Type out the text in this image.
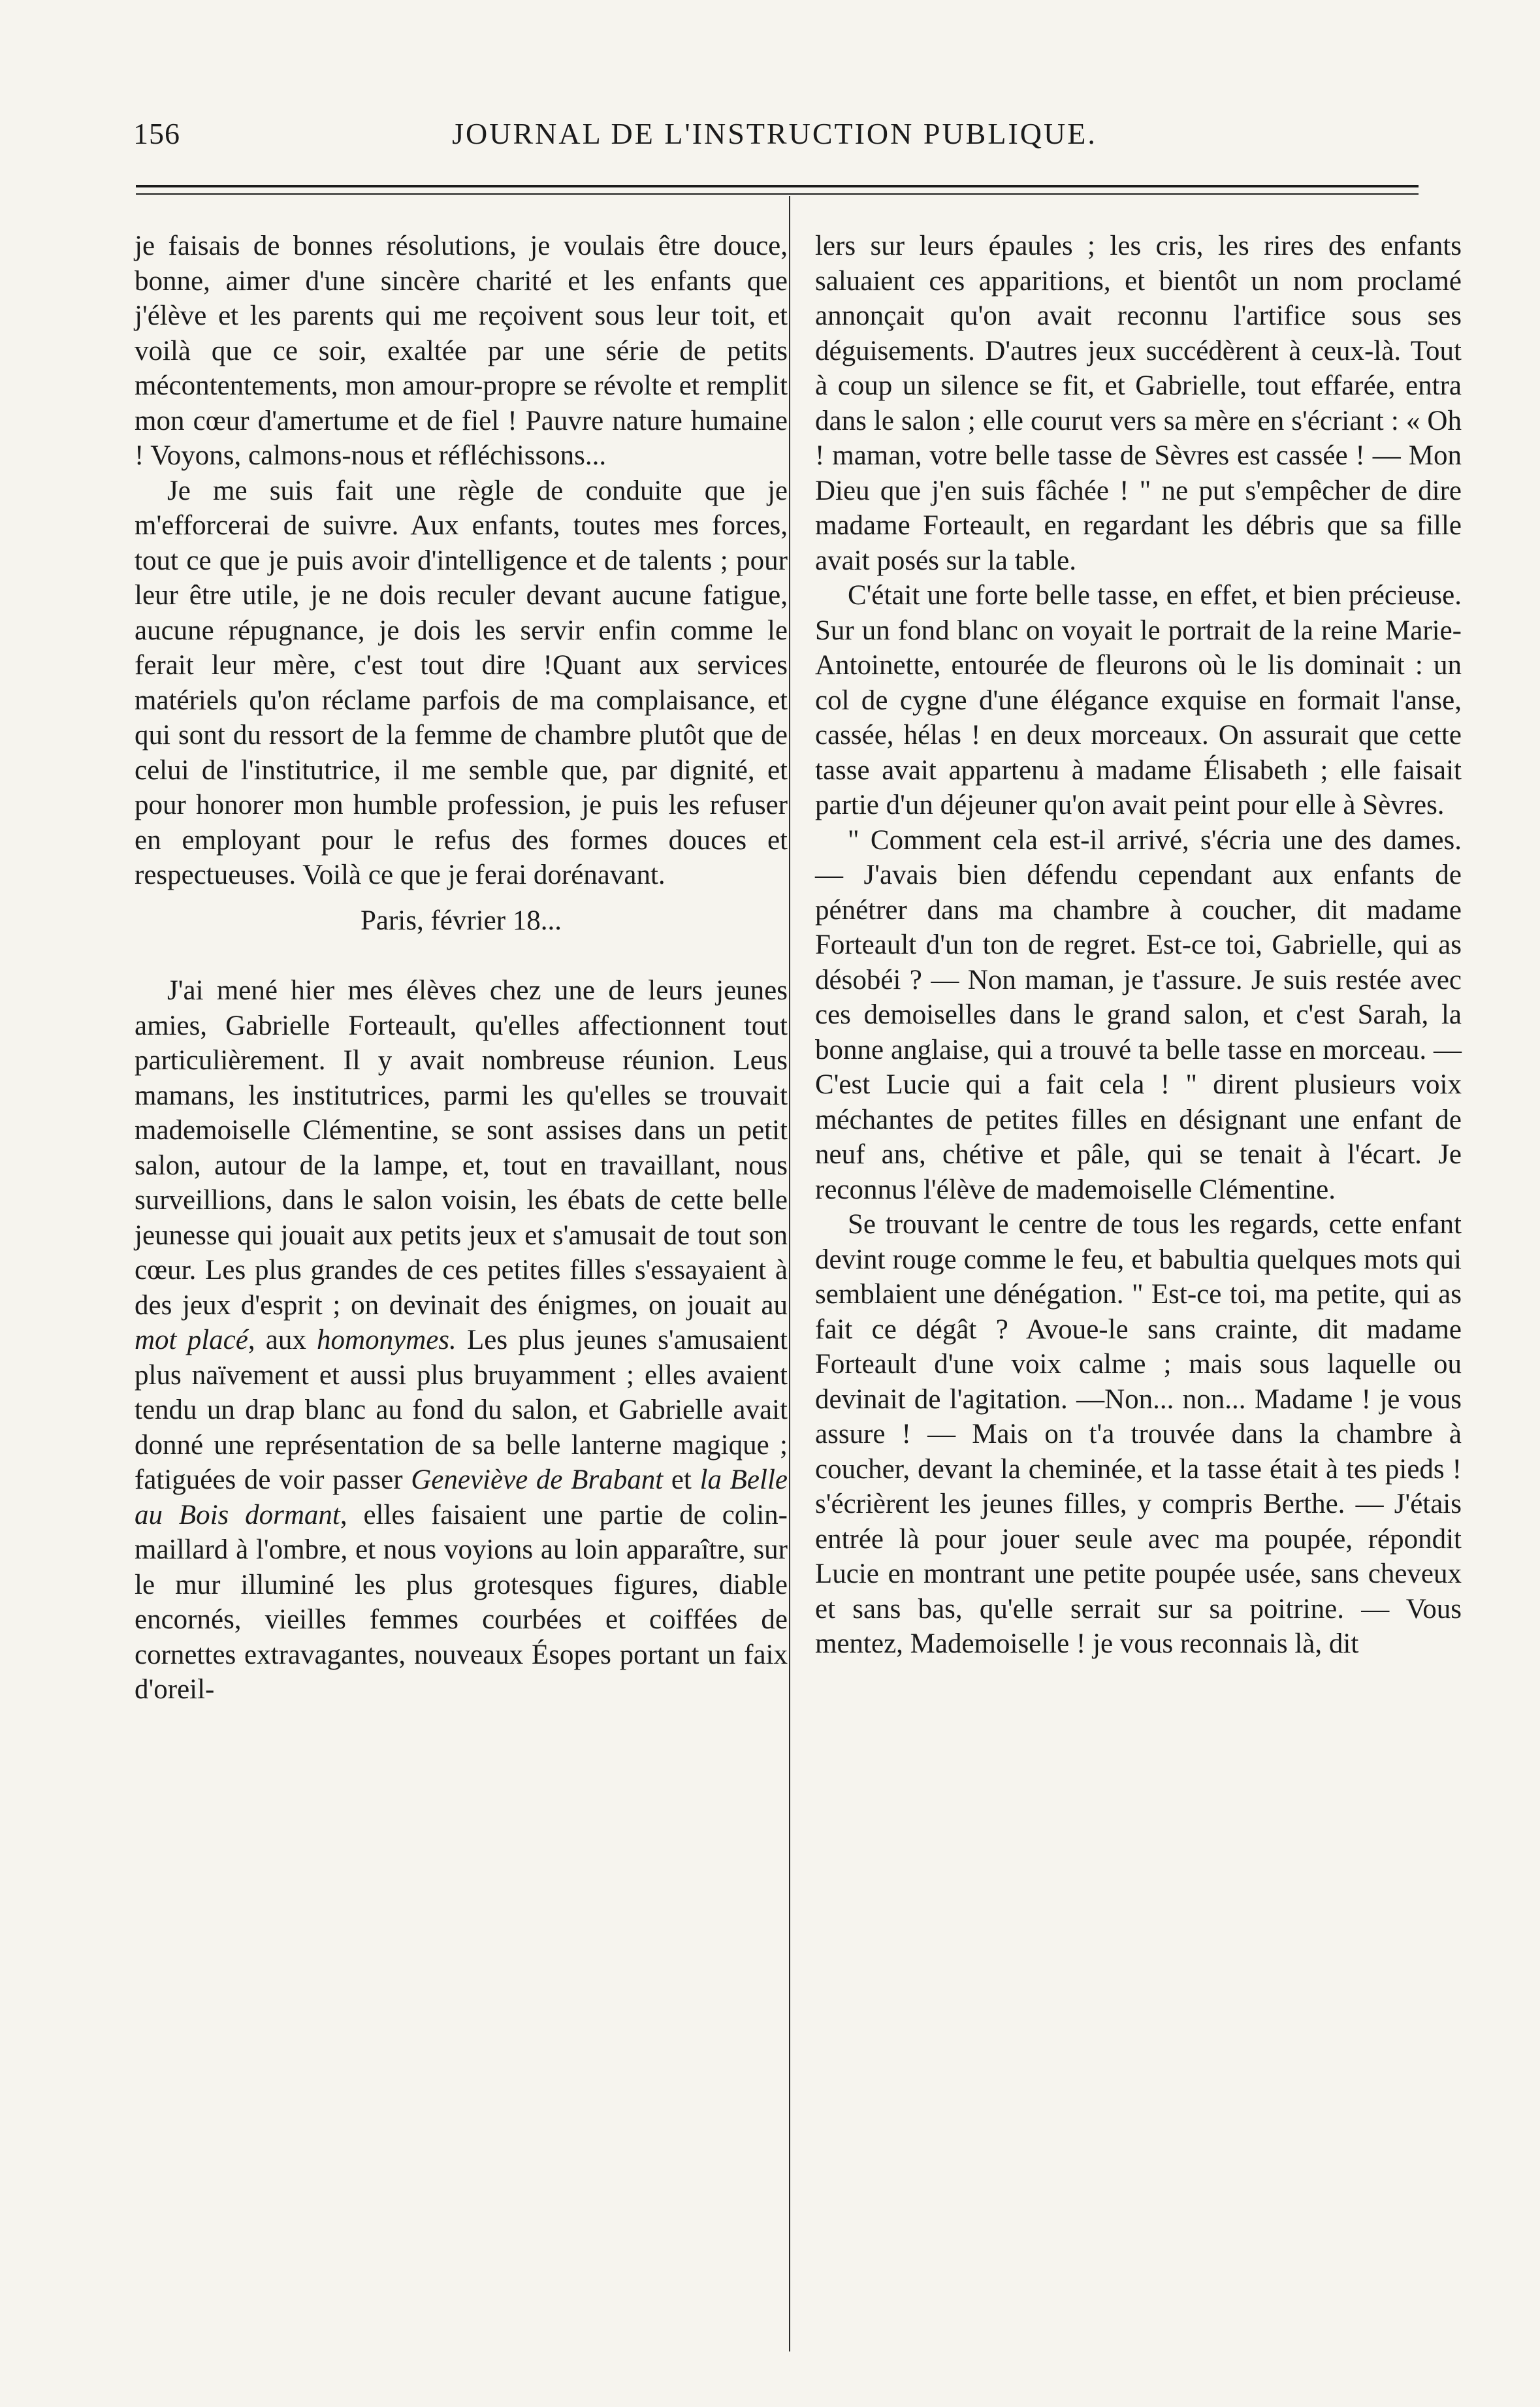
156	JOURNAL DE L'INSTRUCTION PUBLIQUE.

je faisais de bonnes résolutions, je voulais être douce, bonne, aimer d'une sincère charité et les enfants que j'élève et les parents qui me reçoivent sous leur toit, et voilà que ce soir, exaltée par une série de petits mécontentements, mon amour-propre se révolte et remplit mon cœur d'amertume et de fiel ! Pauvre nature humaine ! Voyons, calmons-nous et réfléchissons...

Je me suis fait une règle de conduite que je m'efforcerai de suivre. Aux enfants, toutes mes forces, tout ce que je puis avoir d'intelligence et de talents ; pour leur être utile, je ne dois reculer devant aucune fatigue, aucune répugnance, je dois les servir enfin comme le ferait leur mère, c'est tout dire !Quant aux services matériels qu'on réclame parfois de ma complaisance, et qui sont du ressort de la femme de chambre plutôt que de celui de l'institutrice, il me semble que, par dignité, et pour honorer mon humble profession, je puis les refuser en employant pour le refus des formes douces et respectueuses. Voilà ce que je ferai dorénavant.

Paris, février 18...

J'ai mené hier mes élèves chez une de leurs jeunes amies, Gabrielle Forteault, qu'elles affectionnent tout particulièrement. Il y avait nombreuse réunion. Leus mamans, les institutrices, parmi les qu'elles se trouvait mademoiselle Clémentine, se sont assises dans un petit salon, autour de la lampe, et, tout en travaillant, nous surveillions, dans le salon voisin, les ébats de cette belle jeunesse qui jouait aux petits jeux et s'amusait de tout son cœur. Les plus grandes de ces petites filles s'essayaient à des jeux d'esprit ; on devinait des énigmes, on jouait au mot placé, aux homonymes. Les plus jeunes s'amusaient plus naïvement et aussi plus bruyamment ; elles avaient tendu un drap blanc au fond du salon, et Gabrielle avait donné une représentation de sa belle lanterne magique ; fatiguées de voir passer Geneviève de Brabant et la Belle au Bois dormant, elles faisaient une partie de colin-maillard à l'ombre, et nous voyions au loin apparaître, sur le mur illuminé les plus grotesques figures, diable encornés, vieilles femmes courbées et coiffées de cornettes extravagantes, nouveaux Ésopes portant un faix d'oreil-

lers sur leurs épaules ; les cris, les rires des enfants saluaient ces apparitions, et bientôt un nom proclamé annonçait qu'on avait reconnu l'artifice sous ses déguisements. D'autres jeux succédèrent à ceux-là. Tout à coup un silence se fit, et Gabrielle, tout effarée, entra dans le salon ; elle courut vers sa mère en s'écriant : « Oh ! maman, votre belle tasse de Sèvres est cassée ! — Mon Dieu que j'en suis fâchée ! " ne put s'empêcher de dire madame Forteault, en regardant les débris que sa fille avait posés sur la table.

C'était une forte belle tasse, en effet, et bien précieuse. Sur un fond blanc on voyait le portrait de la reine Marie-Antoinette, entourée de fleurons où le lis dominait : un col de cygne d'une élégance exquise en formait l'anse, cassée, hélas ! en deux morceaux. On assurait que cette tasse avait appartenu à madame Élisabeth ; elle faisait partie d'un déjeuner qu'on avait peint pour elle à Sèvres.

" Comment cela est-il arrivé, s'écria une des dames. — J'avais bien défendu cependant aux enfants de pénétrer dans ma chambre à coucher, dit madame Forteault d'un ton de regret. Est-ce toi, Gabrielle, qui as désobéi ? — Non maman, je t'assure. Je suis restée avec ces demoiselles dans le grand salon, et c'est Sarah, la bonne anglaise, qui a trouvé ta belle tasse en morceau. — C'est Lucie qui a fait cela ! " dirent plusieurs voix méchantes de petites filles en désignant une enfant de neuf ans, chétive et pâle, qui se tenait à l'écart. Je reconnus l'élève de mademoiselle Clémentine.

Se trouvant le centre de tous les regards, cette enfant devint rouge comme le feu, et babultia quelques mots qui semblaient une dénégation. " Est-ce toi, ma petite, qui as fait ce dégât ? Avoue-le sans crainte, dit madame Forteault d'une voix calme ; mais sous laquelle ou devinait de l'agitation. —Non... non... Madame ! je vous assure ! — Mais on t'a trouvée dans la chambre à coucher, devant la cheminée, et la tasse était à tes pieds ! s'écrièrent les jeunes filles, y compris Berthe. — J'étais entrée là pour jouer seule avec ma poupée, répondit Lucie en montrant une petite poupée usée, sans cheveux et sans bas, qu'elle serrait sur sa poitrine. — Vous mentez, Mademoiselle ! je vous reconnais là, dit
